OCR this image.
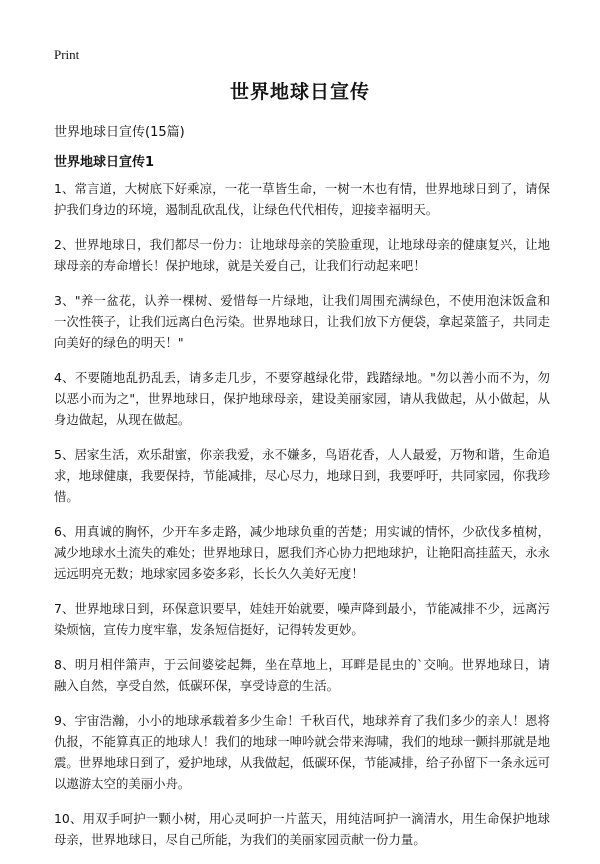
Print
世界地球日宣传
世界地球日宣传(15篇)
世界地球日宣传1

1、常言道，大树底下好乘凉，一花一草皆生命，一树一木也有情，世界地球日到了，请保护我们身边的环境，遏制乱砍乱伐，让绿色代代相传，迎接幸福明天。

2、世界地球日，我们都尽一份力：让地球母亲的笑脸重现，让地球母亲的健康复兴，让地球母亲的寿命增长！保护地球，就是关爱自己，让我们行动起来吧！

3、"养一盆花，认养一棵树、爱惜每一片绿地，让我们周围充满绿色，不使用泡沫饭盒和一次性筷子，让我们远离白色污染。世界地球日，让我们放下方便袋，拿起菜篮子，共同走向美好的绿色的明天！"

4、不要随地乱扔乱丢，请多走几步，不要穿越绿化带，践踏绿地。"勿以善小而不为，勿以恶小而为之"，世界地球日，保护地球母亲，建设美丽家园，请从我做起，从小做起，从身边做起，从现在做起。

5、居家生活，欢乐甜蜜，你亲我爱，永不嫌多，鸟语花香，人人最爱，万物和谐，生命追求，地球健康，我要保持，节能减排，尽心尽力，地球日到，我要呼吁，共同家园，你我珍惜。

6、用真诚的胸怀，少开车多走路，减少地球负重的苦楚；用实诚的情怀，少砍伐多植树，减少地球水土流失的难处；世界地球日，愿我们齐心协力把地球护，让艳阳高挂蓝天，永永远远明亮无数；地球家园多姿多彩，长长久久美好无度！

7、世界地球日到，环保意识要早，娃娃开始就要，噪声降到最小，节能减排不少，远离污染烦恼，宣传力度牢靠，发条短信挺好，记得转发更妙。

8、明月相伴箫声，于云间婆娑起舞，坐在草地上，耳畔是昆虫的`交响。世界地球日，请融入自然，享受自然，低碳环保，享受诗意的生活。

9、宇宙浩瀚，小小的地球承载着多少生命！千秋百代，地球养育了我们多少的亲人！恩将仇报，不能算真正的地球人！我们的地球一呻吟就会带来海啸，我们的地球一颤抖那就是地震。世界地球日到了，爱护地球，从我做起，低碳环保，节能减排，给子孙留下一条永远可以遨游太空的美丽小舟。

10、用双手呵护一颗小树，用心灵呵护一片蓝天，用纯洁呵护一滴清水，用生命保护地球母亲，世界地球日，尽自己所能，为我们的美丽家园贡献一份力量。
